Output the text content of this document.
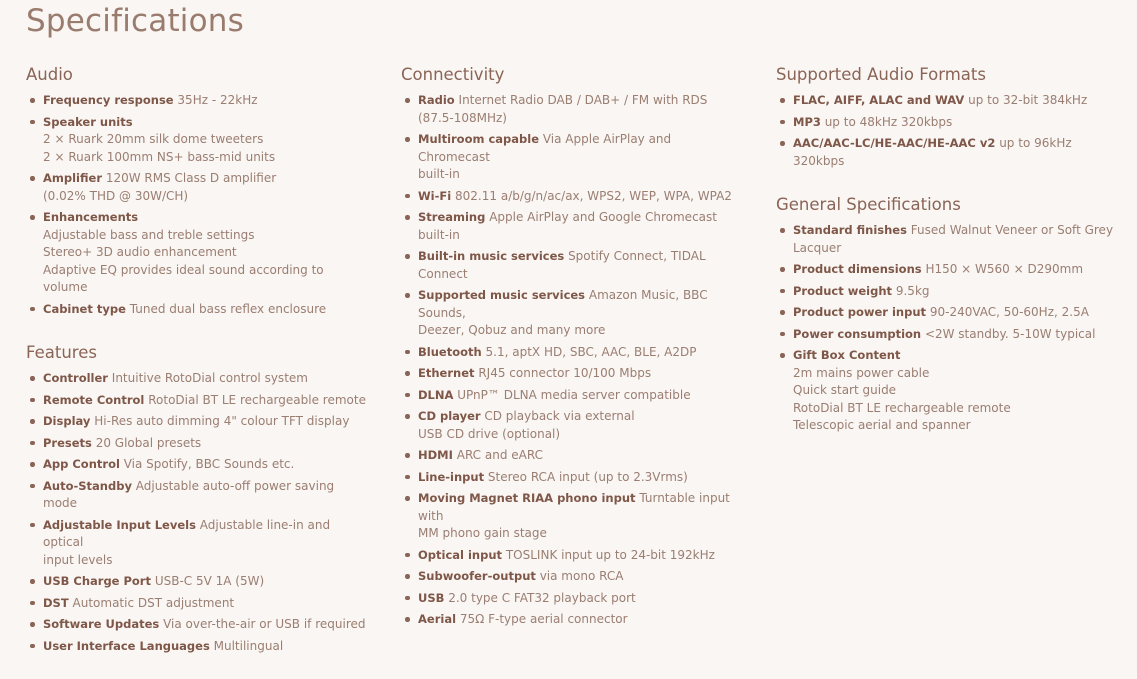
Specifications
Audio
Frequency response 35Hz - 22kHz
Speaker units
2 × Ruark 20mm silk dome tweeters
2 × Ruark 100mm NS+ bass-mid units
Amplifier 120W RMS Class D amplifier
(0.02% THD @ 30W/CH)
Enhancements
Adjustable bass and treble settings
Stereo+ 3D audio enhancement
Adaptive EQ provides ideal sound according to volume
Cabinet type Tuned dual bass reflex enclosure
Features
Controller Intuitive RotoDial control system
Remote Control RotoDial BT LE rechargeable remote
Display Hi-Res auto dimming 4" colour TFT display
Presets 20 Global presets
App Control Via Spotify, BBC Sounds etc.
Auto-Standby Adjustable auto-off power saving mode
Adjustable Input Levels Adjustable line-in and optical
input levels
USB Charge Port USB-C 5V 1A (5W)
DST Automatic DST adjustment
Software Updates Via over-the-air or USB if required
User Interface Languages Multilingual
Connectivity
Radio Internet Radio DAB / DAB+ / FM with RDS
(87.5-108MHz)
Multiroom capable Via Apple AirPlay and Chromecast
built-in
Wi-Fi 802.11 a/b/g/n/ac/ax, WPS2, WEP, WPA, WPA2
Streaming Apple AirPlay and Google Chromecast built-in
Built-in music services Spotify Connect, TIDAL Connect
Supported music services Amazon Music, BBC Sounds,
Deezer, Qobuz and many more
Bluetooth 5.1, aptX HD, SBC, AAC, BLE, A2DP
Ethernet RJ45 connector 10/100 Mbps
DLNA UPnP™ DLNA media server compatible
CD player CD playback via external
USB CD drive (optional)
HDMI ARC and eARC
Line-input Stereo RCA input (up to 2.3Vrms)
Moving Magnet RIAA phono input Turntable input with
MM phono gain stage
Optical input TOSLINK input up to 24-bit 192kHz
Subwoofer-output via mono RCA
USB 2.0 type C FAT32 playback port
Aerial 75Ω F-type aerial connector
Supported Audio Formats
FLAC, AIFF, ALAC and WAV up to 32-bit 384kHz
MP3 up to 48kHz 320kbps
AAC/AAC-LC/HE-AAC/HE-AAC v2 up to 96kHz 320kbps
General Specifications
Standard finishes Fused Walnut Veneer or Soft Grey
Lacquer
Product dimensions H150 × W560 × D290mm
Product weight 9.5kg
Product power input 90-240VAC, 50-60Hz, 2.5A
Power consumption <2W standby. 5-10W typical
Gift Box Content
2m mains power cable
Quick start guide
RotoDial BT LE rechargeable remote
Telescopic aerial and spanner
